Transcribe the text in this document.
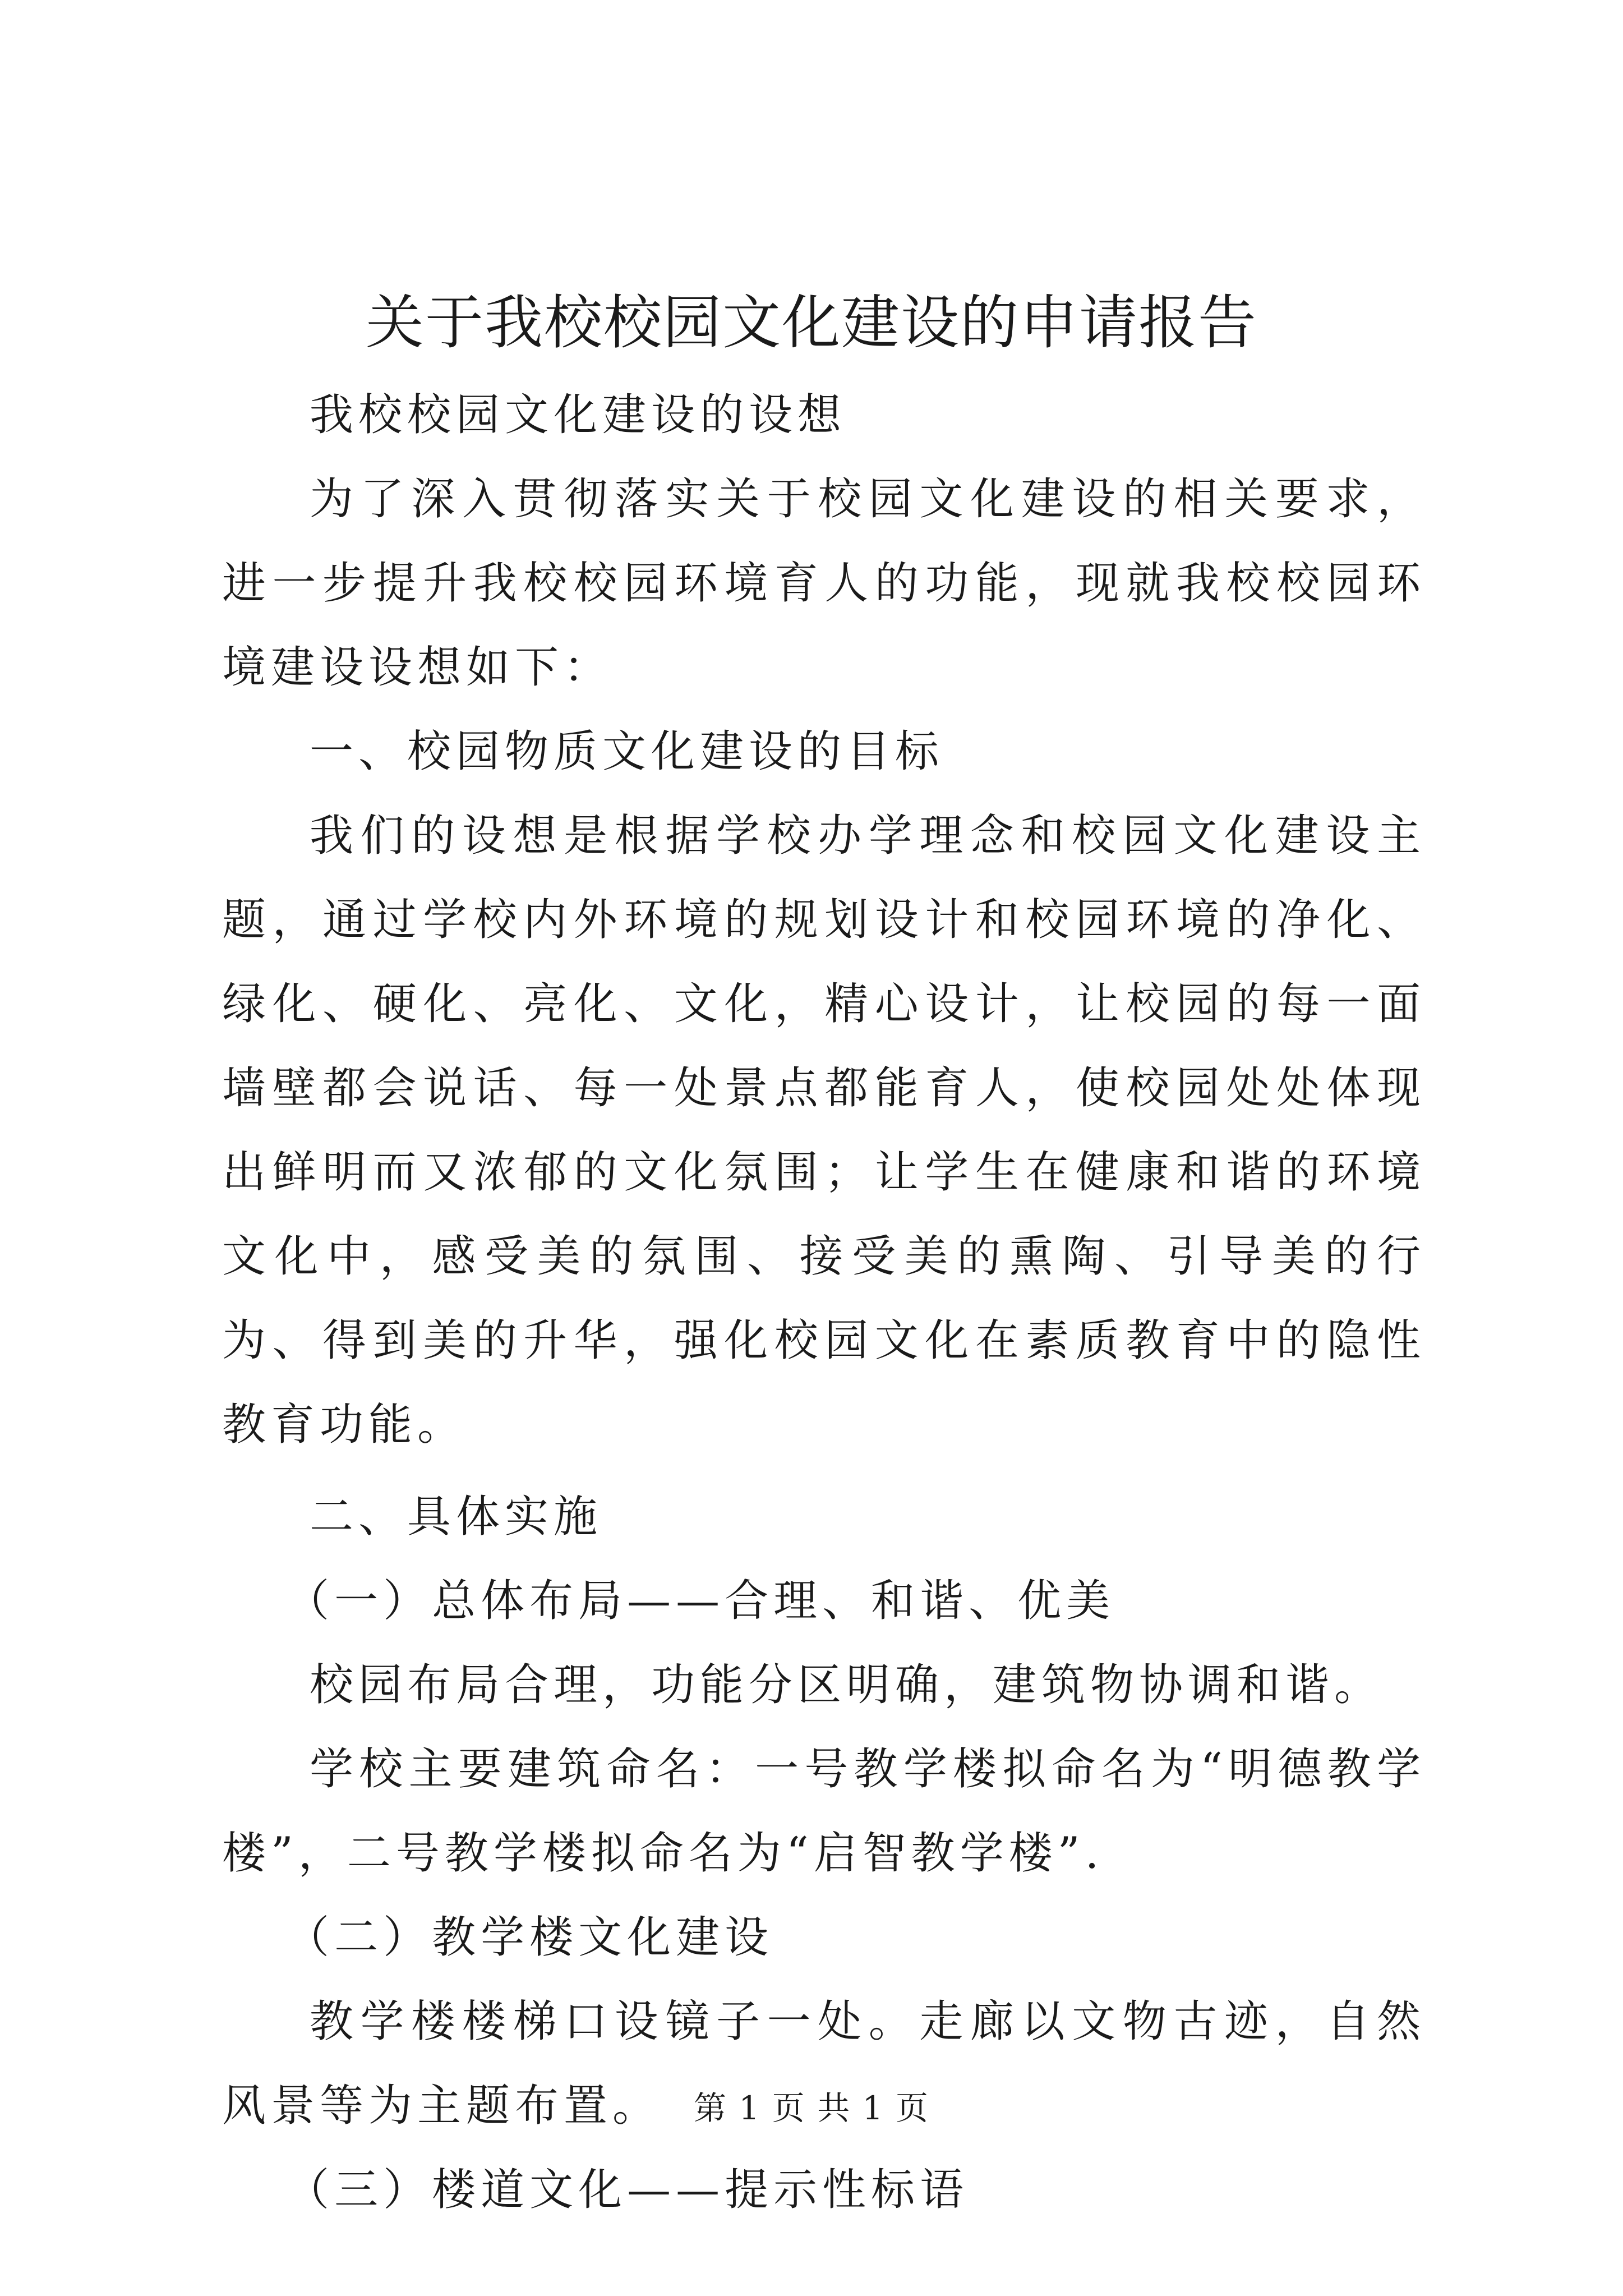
关于我校校园文化建设的申请报告

我校校园文化建设的设想

为了深入贯彻落实关于校园文化建设的相关要求，进一步提升我校校园环境育人的功能，现就我校校园环境建设设想如下：

一、校园物质文化建设的目标

我们的设想是根据学校办学理念和校园文化建设主题，通过学校内外环境的规划设计和校园环境的净化、绿化、硬化、亮化、文化，精心设计，让校园的每一面墙壁都会说话、每一处景点都能育人，使校园处处体现出鲜明而又浓郁的文化氛围；让学生在健康和谐的环境文化中，感受美的氛围、接受美的熏陶、引导美的行为、得到美的升华，强化校园文化在素质教育中的隐性教育功能。

二、具体实施

（一）总体布局——合理、和谐、优美

校园布局合理，功能分区明确，建筑物协调和谐。

学校主要建筑命名：一号教学楼拟命名为“明德教学楼”，二号教学楼拟命名为“启智教学楼”.

（二）教学楼文化建设

教学楼楼梯口设镜子一处。走廊以文物古迹，自然风景等为主题布置。

（三）楼道文化——提示性标语

第 1 页 共 1 页
